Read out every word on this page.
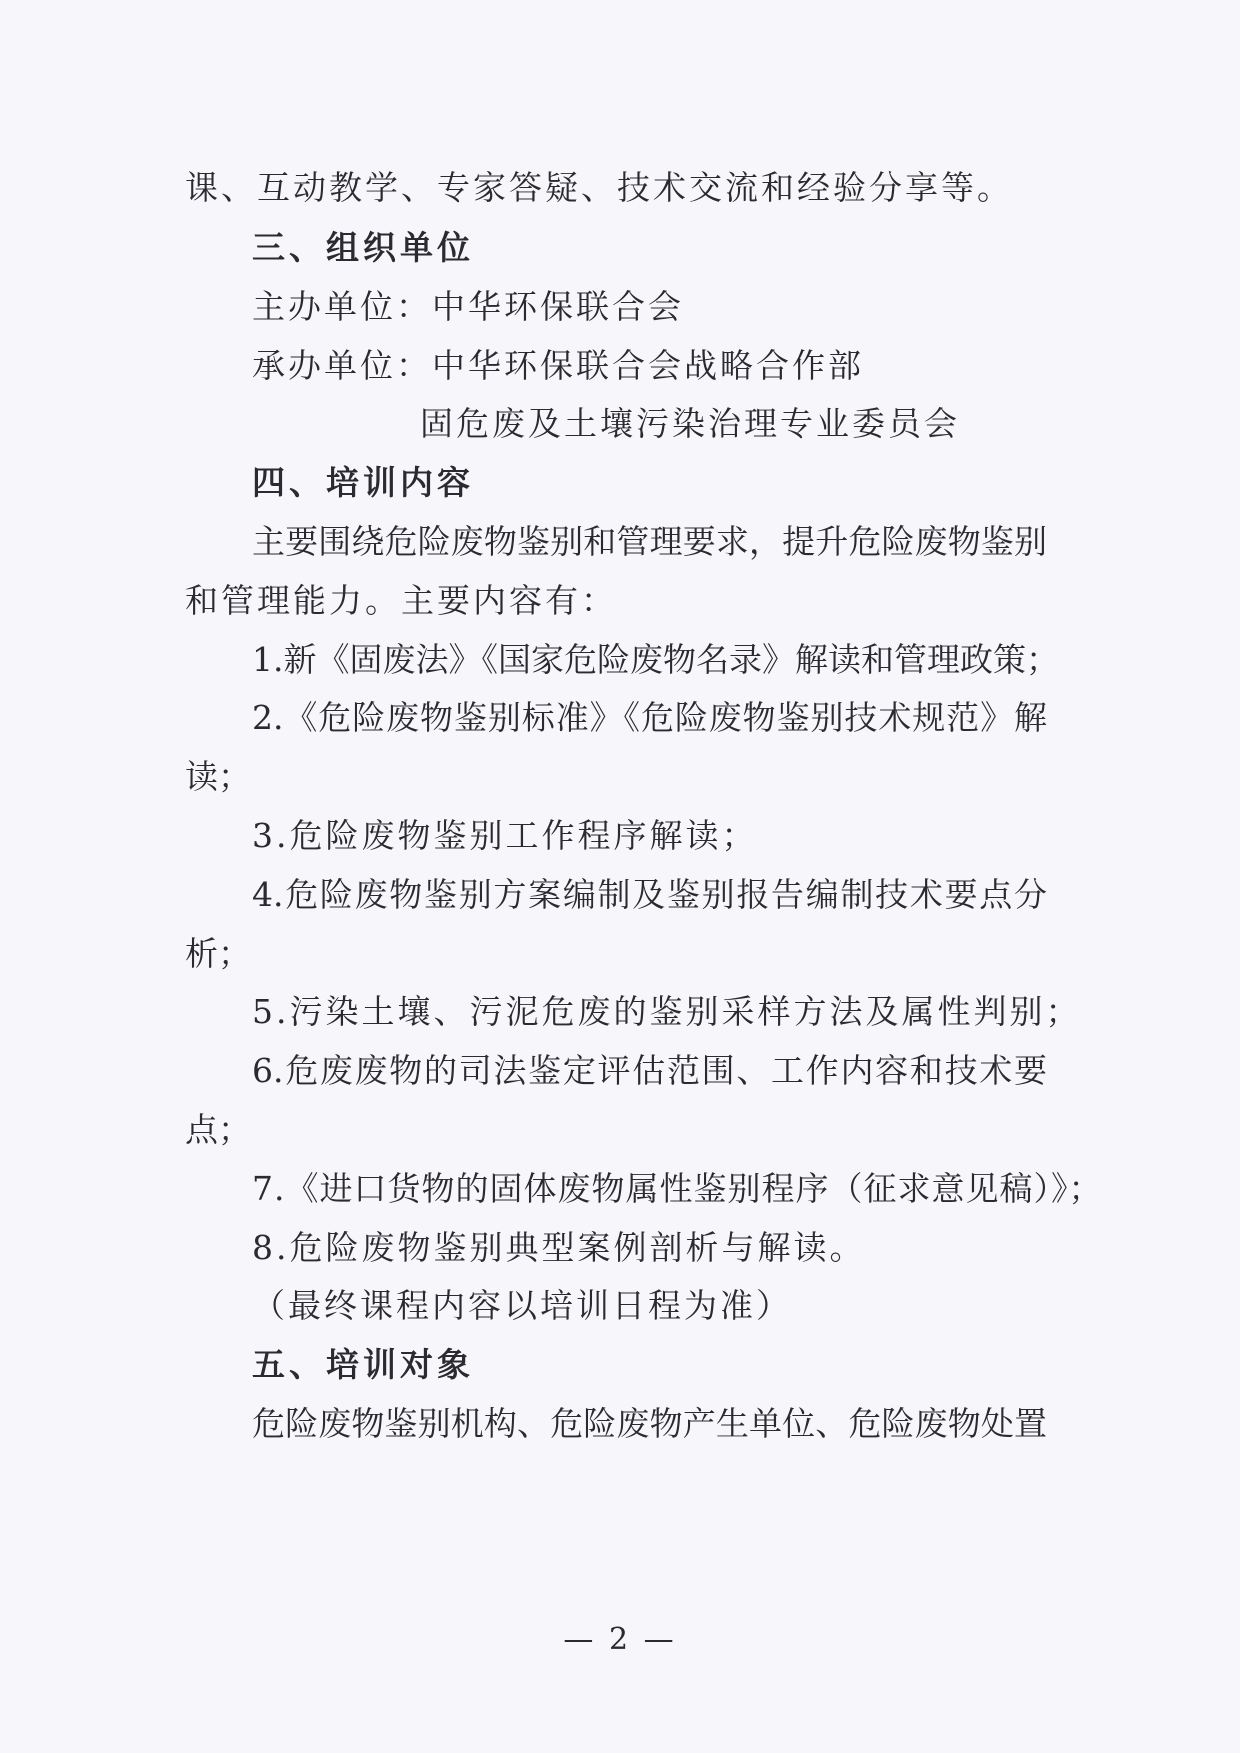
课、互动教学、专家答疑、技术交流和经验分享等。
三、组织单位
主办单位：中华环保联合会
承办单位：中华环保联合会战略合作部
固危废及土壤污染治理专业委员会
四、培训内容
主要围绕危险废物鉴别和管理要求，提升危险废物鉴别
和管理能力。主要内容有：
1.新《固废法》《国家危险废物名录》解读和管理政策；
2.《危险废物鉴别标准》《危险废物鉴别技术规范》解
读；
3.危险废物鉴别工作程序解读；
4.危险废物鉴别方案编制及鉴别报告编制技术要点分
析；
5.污染土壤、污泥危废的鉴别采样方法及属性判别；
6.危废废物的司法鉴定评估范围、工作内容和技术要
点；
7.《进口货物的固体废物属性鉴别程序（征求意见稿）》；
8.危险废物鉴别典型案例剖析与解读。
（最终课程内容以培训日程为准）
五、培训对象
危险废物鉴别机构、危险废物产生单位、危险废物处置
— 2 —
